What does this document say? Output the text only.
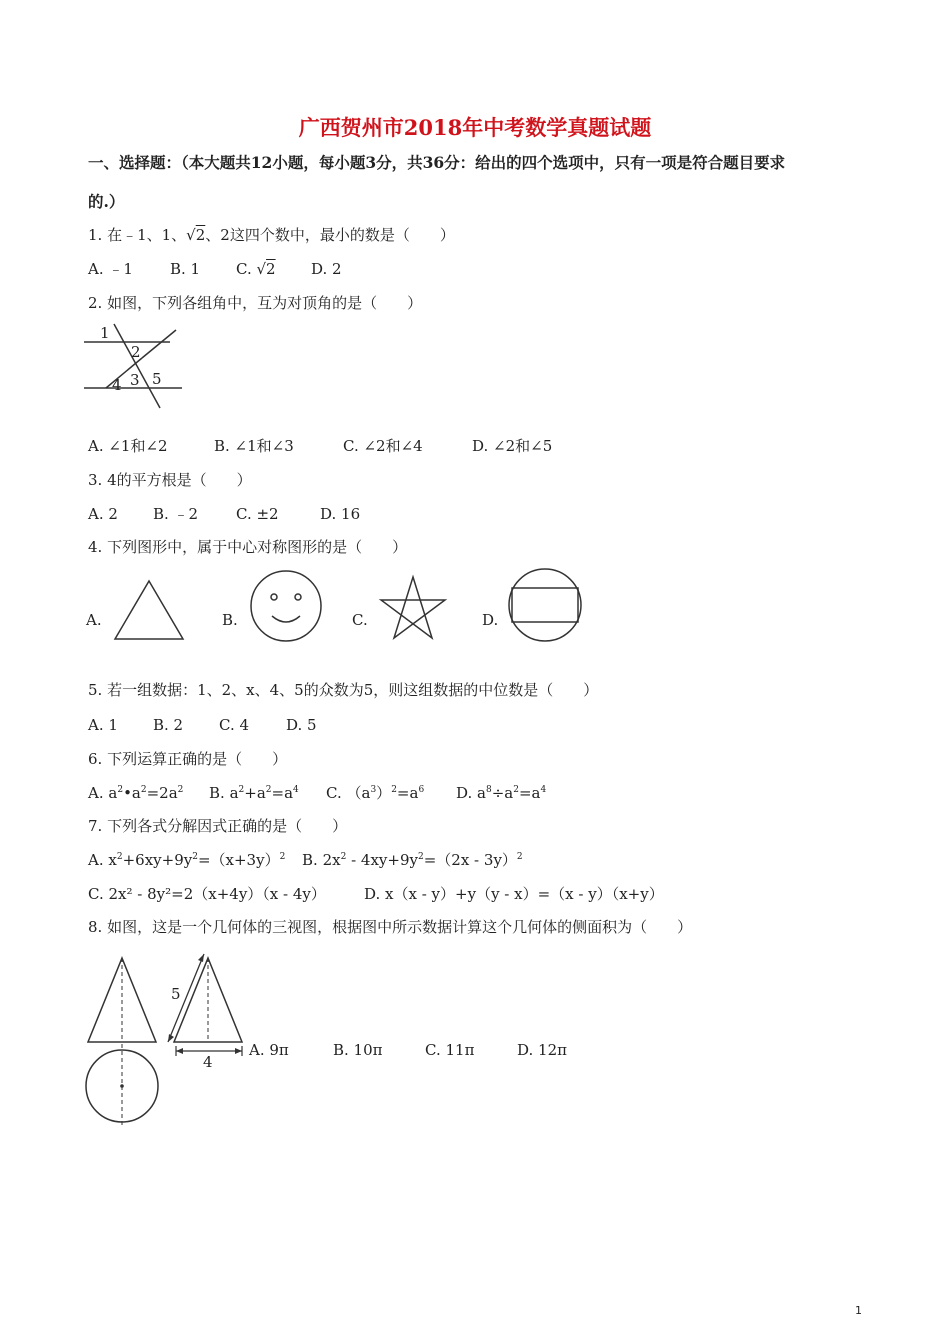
广西贺州市2018年中考数学真题试题
一、选择题：（本大题共12小题，每小题3分，共36分：给出的四个选项中，只有一项是符合题目要求
的.）
1. 在﹣1、1、√2、2这四个数中，最小的数是（　　）
A. ﹣1 B. 1 C. √2 D. 2
2. 如图，下列各组角中，互为对顶角的是（　　）
1
2
3
4 5
A. ∠1和∠2	B. ∠1和∠3	C. ∠2和∠4	D. ∠2和∠5
3. 4的平方根是（　　）
A. 2 B. ﹣2	C. ±2	D. 16
4. 下列图形中，属于中心对称图形的是（　　）
A.	B.	C.	D.
5. 若一组数据：1、2、x、4、5的众数为5，则这组数据的中位数是（　　）
A. 1 B. 2 C. 4 D. 5
6. 下列运算正确的是（　　）
A. $a^2•a^2=2a^2$ B. $a^2+a^2=a^4$ C. $(a^3)^2=a^6$ D. $a^8\div a^2=a^4$
7. 下列各式分解因式正确的是（　　）
A. $x^2+6xy+9y^2=(x+3y)^2$ B. $2x^2 - 4xy+9y^2=(2x - 3y)^2$
C. 2x² - 8y²=2（x+4y）（x - 4y）	D. x（x - y）+y（y - x）=（x - y）（x+y）
8. 如图，这是一个几何体的三视图，根据图中所示数据计算这个几何体的侧面积为（　　）
5
4
A. 9π	B. 10π	C. 11π	D. 12π
1
